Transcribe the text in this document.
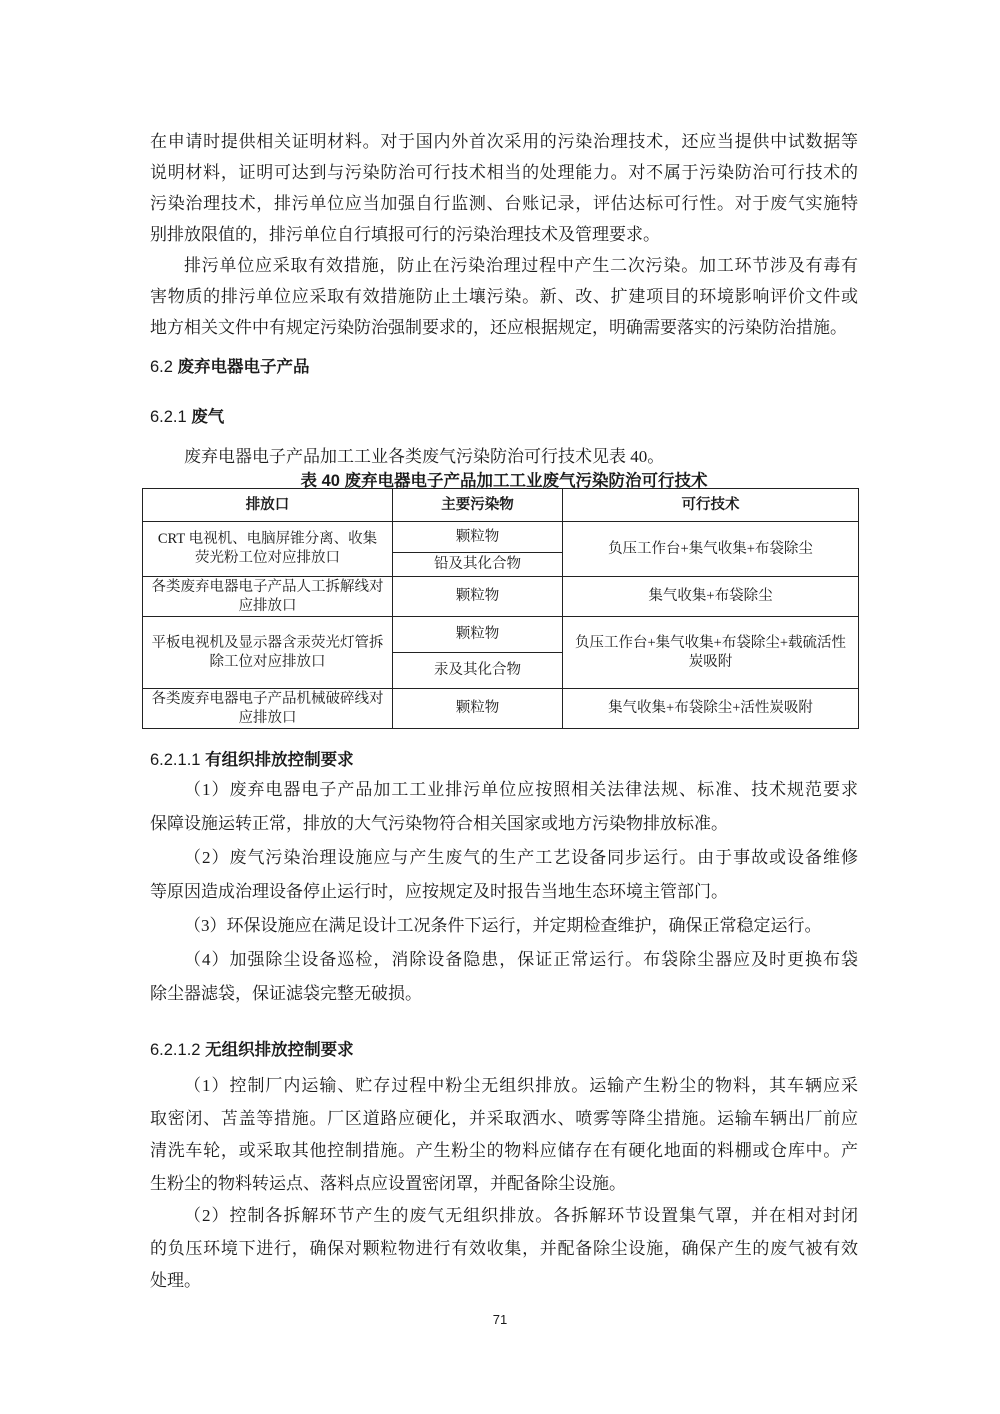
在申请时提供相关证明材料。对于国内外首次采用的污染治理技术，还应当提供中试数据等
说明材料，证明可达到与污染防治可行技术相当的处理能力。对不属于污染防治可行技术的
污染治理技术，排污单位应当加强自行监测、台账记录，评估达标可行性。对于废气实施特
别排放限值的，排污单位自行填报可行的污染治理技术及管理要求。
排污单位应采取有效措施，防止在污染治理过程中产生二次污染。加工环节涉及有毒有
害物质的排污单位应采取有效措施防止土壤污染。新、改、扩建项目的环境影响评价文件或
地方相关文件中有规定污染防治强制要求的，还应根据规定，明确需要落实的污染防治措施。
6.2 废弃电器电子产品
6.2.1 废气
废弃电器电子产品加工工业各类废气污染防治可行技术见表 40。
表 40 废弃电器电子产品加工工业废气污染防治可行技术
排放口	主要污染物	可行技术
CRT 电视机、电脑屏锥分离、收集荧光粉工位对应排放口	颗粒物	负压工作台+集气收集+布袋除尘
	铅及其化合物	
各类废弃电器电子产品人工拆解线对应排放口	颗粒物	集气收集+布袋除尘
平板电视机及显示器含汞荧光灯管拆除工位对应排放口	颗粒物	负压工作台+集气收集+布袋除尘+载硫活性炭吸附
	汞及其化合物	
各类废弃电器电子产品机械破碎线对应排放口	颗粒物	集气收集+布袋除尘+活性炭吸附
6.2.1.1 有组织排放控制要求
（1）废弃电器电子产品加工工业排污单位应按照相关法律法规、标准、技术规范要求
保障设施运转正常，排放的大气污染物符合相关国家或地方污染物排放标准。
（2）废气污染治理设施应与产生废气的生产工艺设备同步运行。由于事故或设备维修
等原因造成治理设备停止运行时，应按规定及时报告当地生态环境主管部门。
（3）环保设施应在满足设计工况条件下运行，并定期检查维护，确保正常稳定运行。
（4）加强除尘设备巡检，消除设备隐患，保证正常运行。布袋除尘器应及时更换布袋
除尘器滤袋，保证滤袋完整无破损。
6.2.1.2 无组织排放控制要求
（1）控制厂内运输、贮存过程中粉尘无组织排放。运输产生粉尘的物料，其车辆应采
取密闭、苫盖等措施。厂区道路应硬化，并采取洒水、喷雾等降尘措施。运输车辆出厂前应
清洗车轮，或采取其他控制措施。产生粉尘的物料应储存在有硬化地面的料棚或仓库中。产
生粉尘的物料转运点、落料点应设置密闭罩，并配备除尘设施。
（2）控制各拆解环节产生的废气无组织排放。各拆解环节设置集气罩，并在相对封闭
的负压环境下进行，确保对颗粒物进行有效收集，并配备除尘设施，确保产生的废气被有效
处理。
71
